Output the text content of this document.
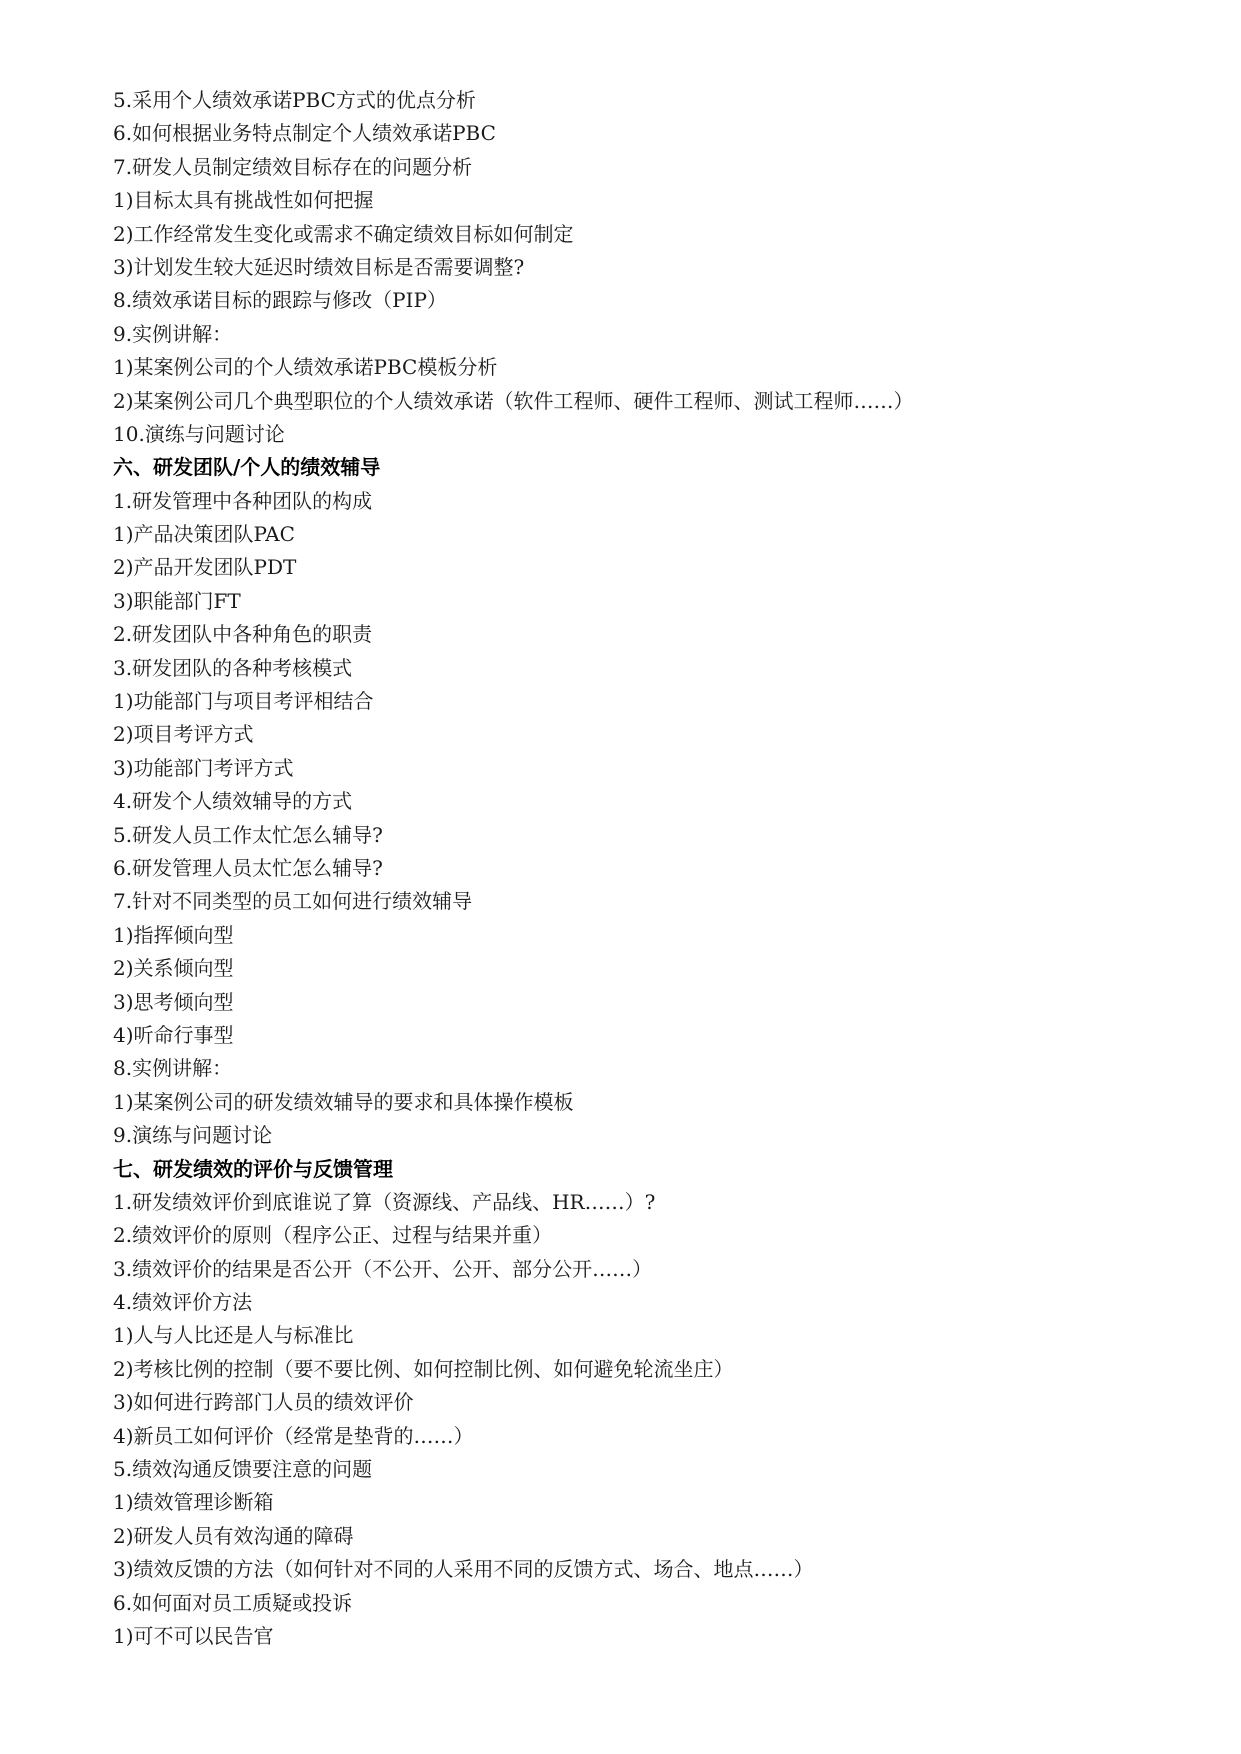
5.采用个人绩效承诺PBC方式的优点分析
6.如何根据业务特点制定个人绩效承诺PBC
7.研发人员制定绩效目标存在的问题分析
1)目标太具有挑战性如何把握
2)工作经常发生变化或需求不确定绩效目标如何制定
3)计划发生较大延迟时绩效目标是否需要调整?
8.绩效承诺目标的跟踪与修改（PIP）
9.实例讲解：
1)某案例公司的个人绩效承诺PBC模板分析
2)某案例公司几个典型职位的个人绩效承诺（软件工程师、硬件工程师、测试工程师……）
10.演练与问题讨论
六、研发团队/个人的绩效辅导
1.研发管理中各种团队的构成
1)产品决策团队PAC
2)产品开发团队PDT
3)职能部门FT
2.研发团队中各种角色的职责
3.研发团队的各种考核模式
1)功能部门与项目考评相结合
2)项目考评方式
3)功能部门考评方式
4.研发个人绩效辅导的方式
5.研发人员工作太忙怎么辅导?
6.研发管理人员太忙怎么辅导?
7.针对不同类型的员工如何进行绩效辅导
1)指挥倾向型
2)关系倾向型
3)思考倾向型
4)听命行事型
8.实例讲解：
1)某案例公司的研发绩效辅导的要求和具体操作模板
9.演练与问题讨论
七、研发绩效的评价与反馈管理
1.研发绩效评价到底谁说了算（资源线、产品线、HR……）?
2.绩效评价的原则（程序公正、过程与结果并重）
3.绩效评价的结果是否公开（不公开、公开、部分公开……）
4.绩效评价方法
1)人与人比还是人与标准比
2)考核比例的控制（要不要比例、如何控制比例、如何避免轮流坐庄）
3)如何进行跨部门人员的绩效评价
4)新员工如何评价（经常是垫背的……）
5.绩效沟通反馈要注意的问题
1)绩效管理诊断箱
2)研发人员有效沟通的障碍
3)绩效反馈的方法（如何针对不同的人采用不同的反馈方式、场合、地点……）
6.如何面对员工质疑或投诉
1)可不可以民告官
